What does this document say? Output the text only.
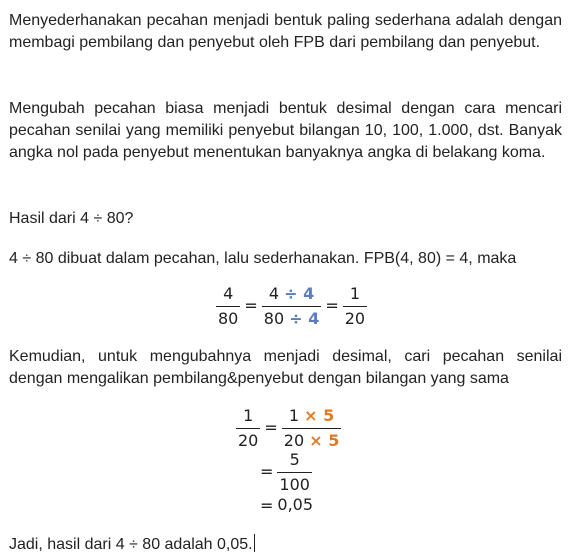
Menyederhanakan pecahan menjadi bentuk paling sederhana adalah dengan membagi pembilang dan penyebut oleh FPB dari pembilang dan penyebut.

Mengubah pecahan biasa menjadi bentuk desimal dengan cara mencari pecahan senilai yang memiliki penyebut bilangan 10, 100, 1.000, dst. Banyak angka nol pada penyebut menentukan banyaknya angka di belakang koma.

Hasil dari 4 ÷ 80?

4 ÷ 80 dibuat dalam pecahan, lalu sederhanakan. FPB(4, 80) = 4, maka

$\frac{4}{80} = \frac{4 \div 4}{80 \div 4} = \frac{1}{20}$

Kemudian, untuk mengubahnya menjadi desimal, cari pecahan senilai dengan mengalikan pembilang&penyebut dengan bilangan yang sama

$\frac{1}{20} = \frac{1 \times 5}{20 \times 5}$
= $\frac{5}{100}$
= 0,05

Jadi, hasil dari 4 ÷ 80 adalah 0,05.
